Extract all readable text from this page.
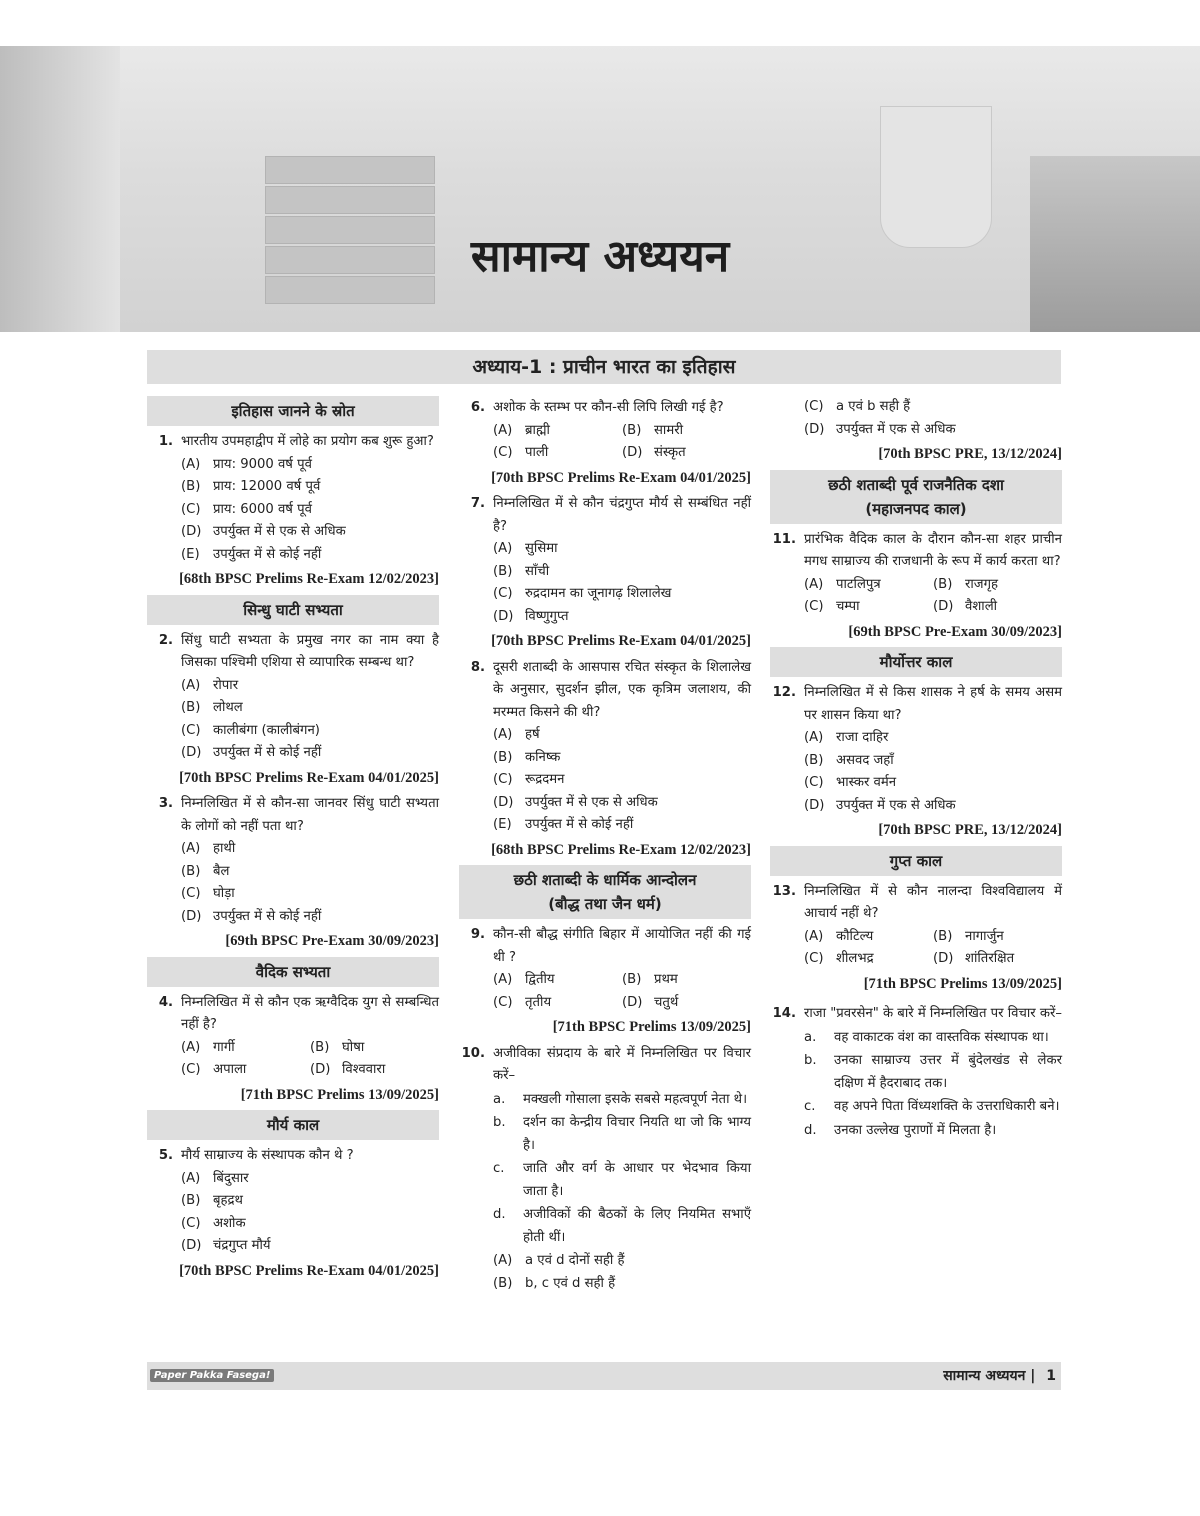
सामान्य अध्ययन
अध्याय-1 : प्राचीन भारत का इतिहास
इतिहास जानने के स्रोत
1. भारतीय उपमहाद्वीप में लोहे का प्रयोग कब शुरू हुआ?
(A) प्राय: 9000 वर्ष पूर्व
(B) प्राय: 12000 वर्ष पूर्व
(C) प्राय: 6000 वर्ष पूर्व
(D) उपर्युक्त में से एक से अधिक
(E)	उपर्युक्त में से कोई नहीं
[68th BPSC Prelims Re-Exam 12/02/2023]
सिन्धु घाटी सभ्यता
2. सिंधु घाटी सभ्यता के प्रमुख नगर का नाम क्या है जिसका पश्चिमी एशिया से व्यापारिक सम्बन्ध था?
(A) रोपार
(B) लोथल
(C) कालीबंगा (कालीबंगन)
(D) उपर्युक्त में से कोई नहीं
[70th BPSC Prelims Re-Exam 04/01/2025]
3. निम्नलिखित में से कौन-सा जानवर सिंधु घाटी सभ्यता के लोगों को नहीं पता था?
(A) हाथी
(B) बैल
(C) घोड़ा
(D) उपर्युक्त में से कोई नहीं
[69th BPSC Pre-Exam 30/09/2023]
वैदिक सभ्यता
4. निम्नलिखित में से कौन एक ऋग्वैदिक युग से सम्बन्धित नहीं है?
(A) गार्गी	(B) घोषा
(C) अपाला	(D) विश्ववारा
[71th BPSC Prelims 13/09/2025]
मौर्य काल
5. मौर्य साम्राज्य के संस्थापक कौन थे ?
(A) बिंदुसार
(B) बृहद्रथ
(C) अशोक
(D) चंद्रगुप्त मौर्य
[70th BPSC Prelims Re-Exam 04/01/2025]
6. अशोक के स्तम्भ पर कौन-सी लिपि लिखी गई है?
(A) ब्राह्मी	(B) सामरी
(C) पाली	(D) संस्कृत
[70th BPSC Prelims Re-Exam 04/01/2025]
7. निम्नलिखित में से कौन चंद्रगुप्त मौर्य से सम्बंधित नहीं है?
(A) सुसिमा
(B) साँची
(C) रुद्रदामन का जूनागढ़ शिलालेख
(D) विष्णुगुप्त
[70th BPSC Prelims Re-Exam 04/01/2025]
8. दूसरी शताब्दी के आसपास रचित संस्कृत के शिलालेख के अनुसार, सुदर्शन झील, एक कृत्रिम जलाशय, की मरम्मत किसने की थी?
(A) हर्ष
(B) कनिष्क
(C) रूद्रदमन
(D) उपर्युक्त में से एक से अधिक
(E)	उपर्युक्त में से कोई नहीं
[68th BPSC Prelims Re-Exam 12/02/2023]
छठी शताब्दी के धार्मिक आन्दोलन
(बौद्ध तथा जैन धर्म)
9. कौन-सी बौद्ध संगीति बिहार में आयोजित नहीं की गई थी ?
(A) द्वितीय	(B) प्रथम
(C) तृतीय	(D) चतुर्थ
[71th BPSC Prelims 13/09/2025]
10. अजीविका संप्रदाय के बारे में निम्नलिखित पर विचार करें–
a.	मक्खली गोसाला इसके सबसे महत्वपूर्ण नेता थे।
b.	दर्शन का केन्द्रीय विचार नियति था जो कि भाग्य है।
c.	जाति और वर्ग के आधार पर भेदभाव किया जाता है।
d.	अजीविकों की बैठकों के लिए नियमित सभाएँ होती थीं।
(A) a एवं d दोनों सही हैं
(B) b, c एवं d सही हैं
(C) a एवं b सही हैं
(D) उपर्युक्त में एक से अधिक
[70th BPSC PRE, 13/12/2024]
छठी शताब्दी पूर्व राजनैतिक दशा
(महाजनपद काल)
11. प्रारंभिक वैदिक काल के दौरान कौन-सा शहर प्राचीन मगध साम्राज्य की राजधानी के रूप में कार्य करता था?
(A) पाटलिपुत्र	(B) राजगृह
(C) चम्पा	(D) वैशाली
[69th BPSC Pre-Exam 30/09/2023]
मौर्योत्तर काल
12. निम्नलिखित में से किस शासक ने हर्ष के समय असम पर शासन किया था?
(A) राजा दाहिर
(B) असवद जहाँ
(C) भास्कर वर्मन
(D) उपर्युक्त में एक से अधिक
[70th BPSC PRE, 13/12/2024]
गुप्त काल
13. निम्नलिखित में से कौन नालन्दा विश्वविद्यालय में आचार्य नहीं थे?
(A) कौटिल्य	(B) नागार्जुन
(C) शीलभद्र	(D) शांतिरक्षित
[71th BPSC Prelims 13/09/2025]
14. राजा "प्रवरसेन" के बारे में निम्नलिखित पर विचार करें–
a.	वह वाकाटक वंश का वास्तविक संस्थापक था।
b.	उनका साम्राज्य उत्तर में बुंदेलखंड से लेकर दक्षिण में हैदराबाद तक।
c.	वह अपने पिता विंध्यशक्ति के उत्तराधिकारी बने।
d.	उनका उल्लेख पुराणों में मिलता है।
Paper Pakka Fasega!	सामान्य अध्ययन | 1
